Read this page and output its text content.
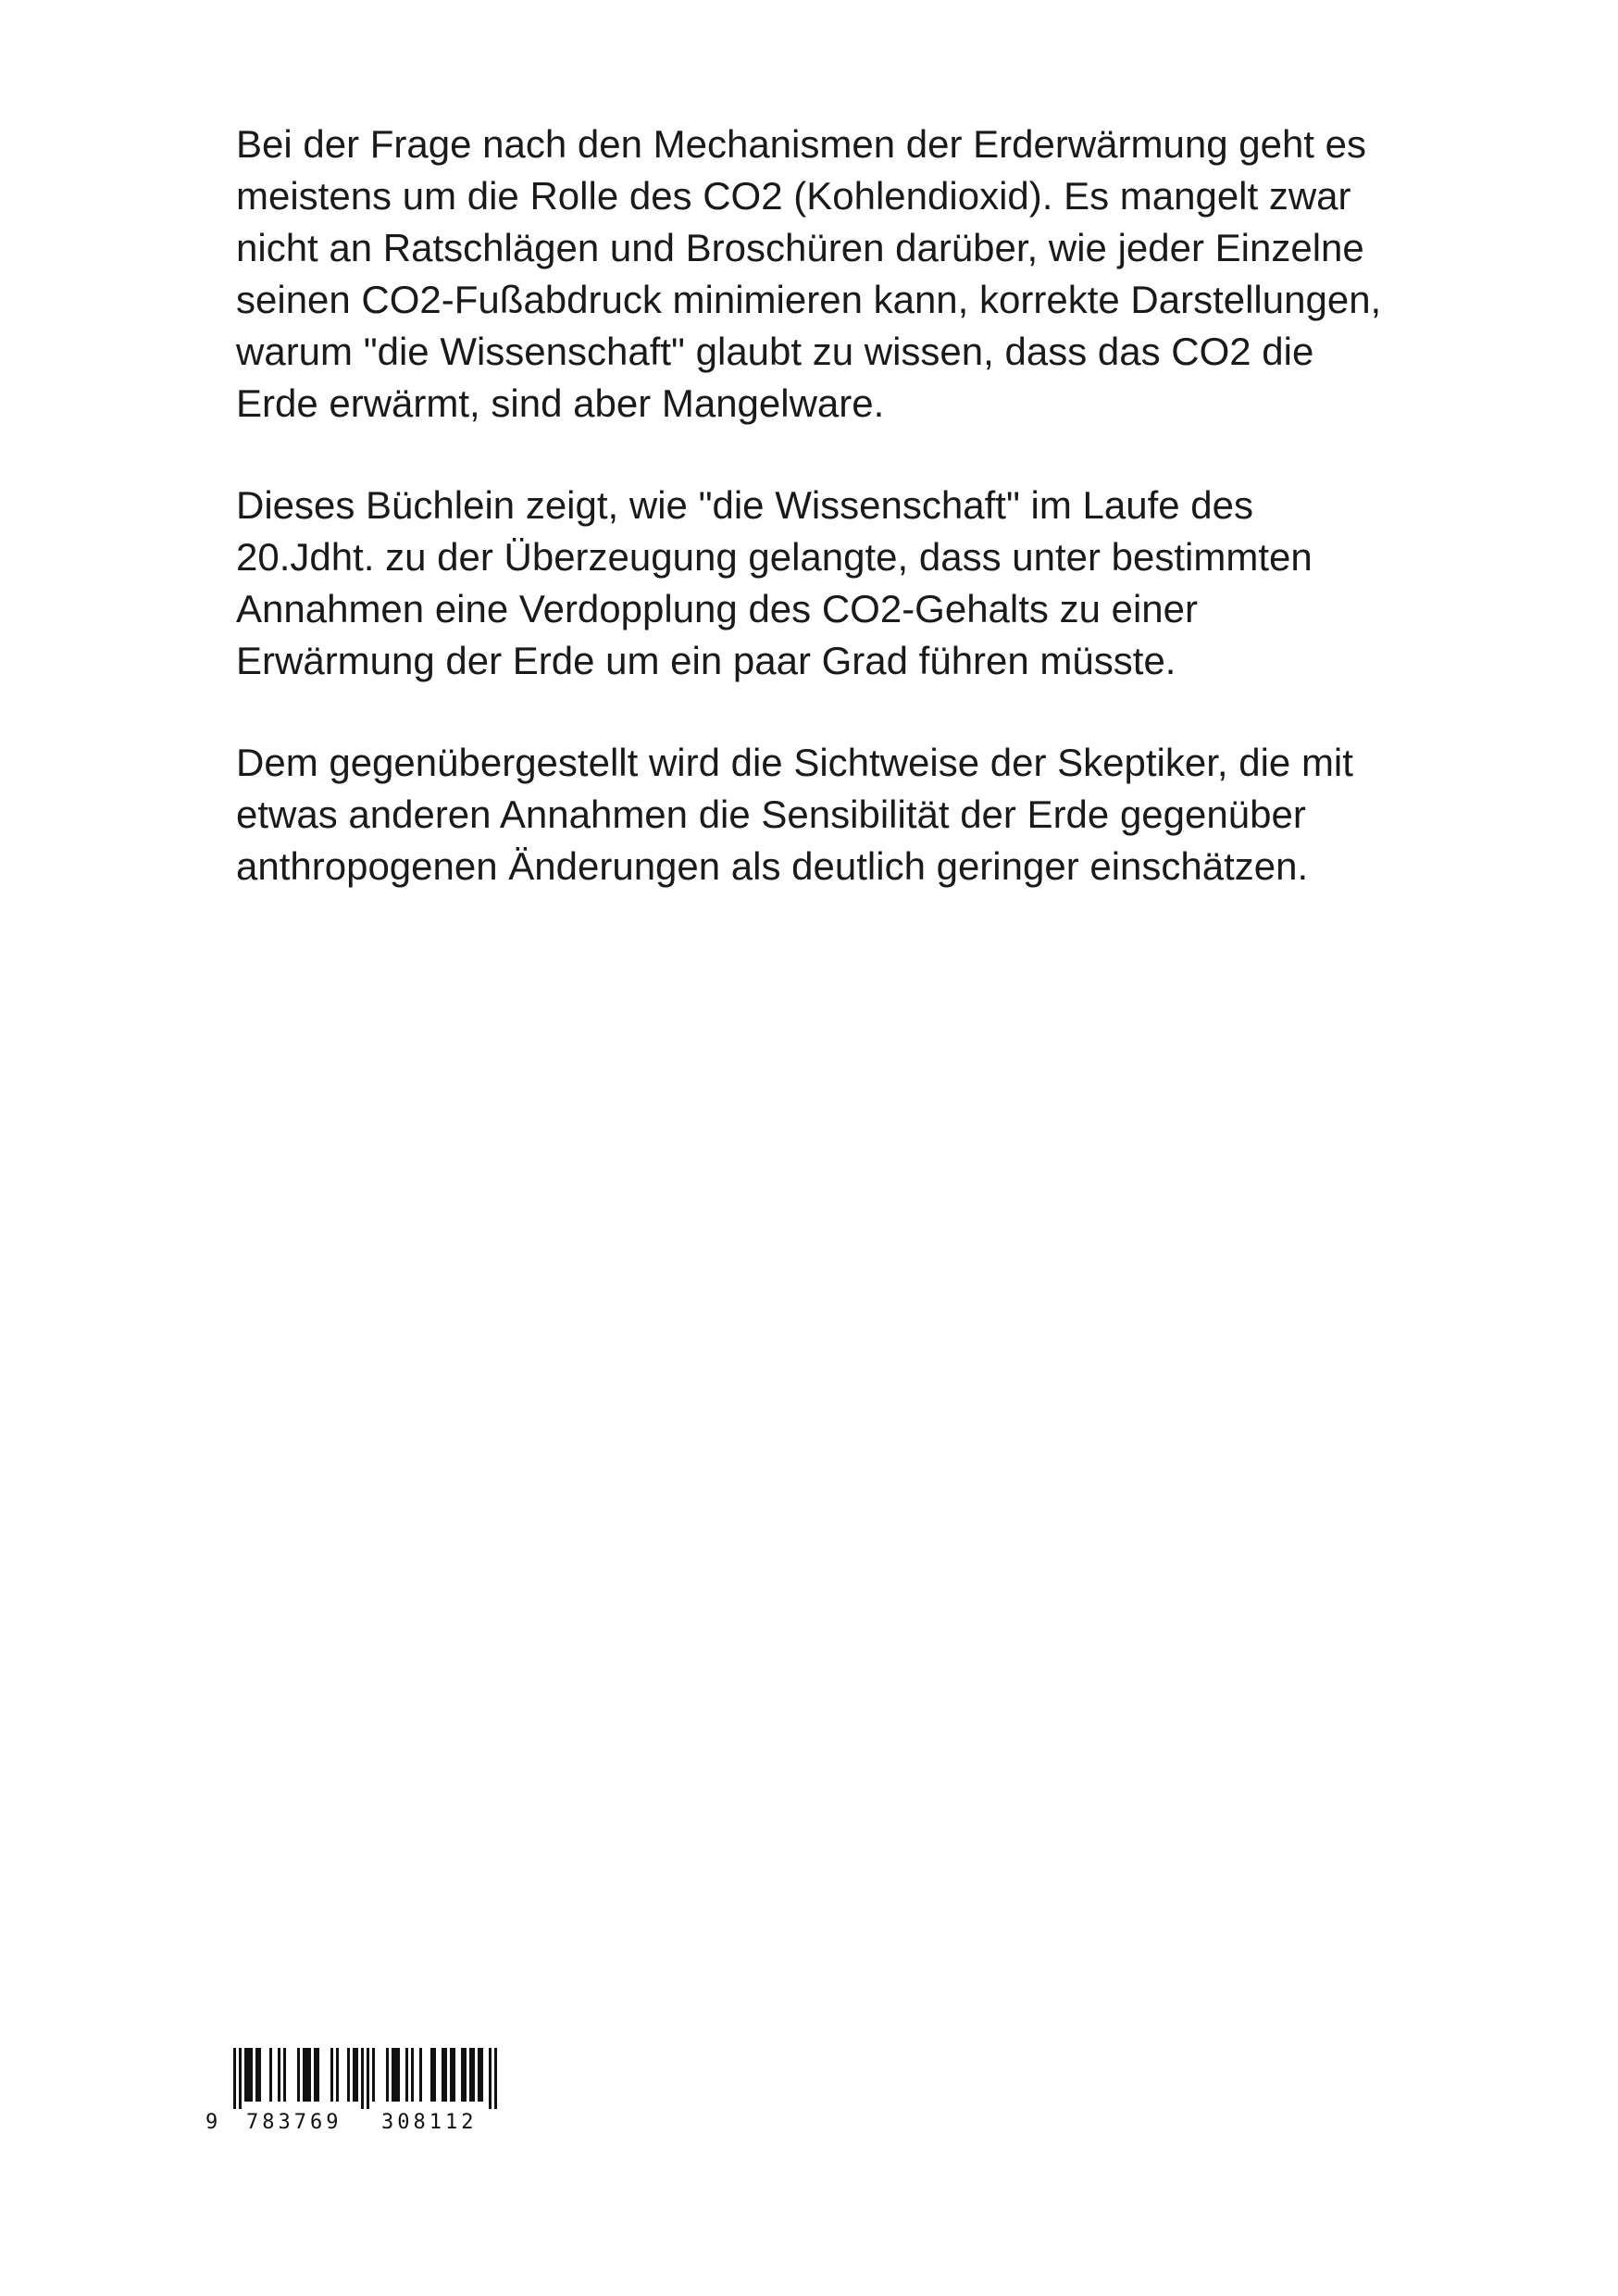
Bei der Frage nach den Mechanismen der Erderwärmung geht es meistens um die Rolle des CO2 (Kohlendioxid). Es mangelt zwar nicht an Ratschlägen und Broschüren darüber, wie jeder Einzelne seinen CO2-Fußabdruck minimieren kann, korrekte Darstellungen, warum "die Wissenschaft" glaubt zu wissen, dass das CO2 die Erde erwärmt, sind aber Mangelware.

Dieses Büchlein zeigt, wie "die Wissenschaft" im Laufe des 20.Jdht. zu der Überzeugung gelangte, dass unter bestimmten Annahmen eine Verdopplung des CO2-Gehalts zu einer Erwärmung der Erde um ein paar Grad führen müsste.

Dem gegenübergestellt wird die Sichtweise der Skeptiker, die mit etwas anderen Annahmen die Sensibilität der Erde gegenüber anthropogenen Änderungen als deutlich geringer einschätzen.

9

783769

308112
